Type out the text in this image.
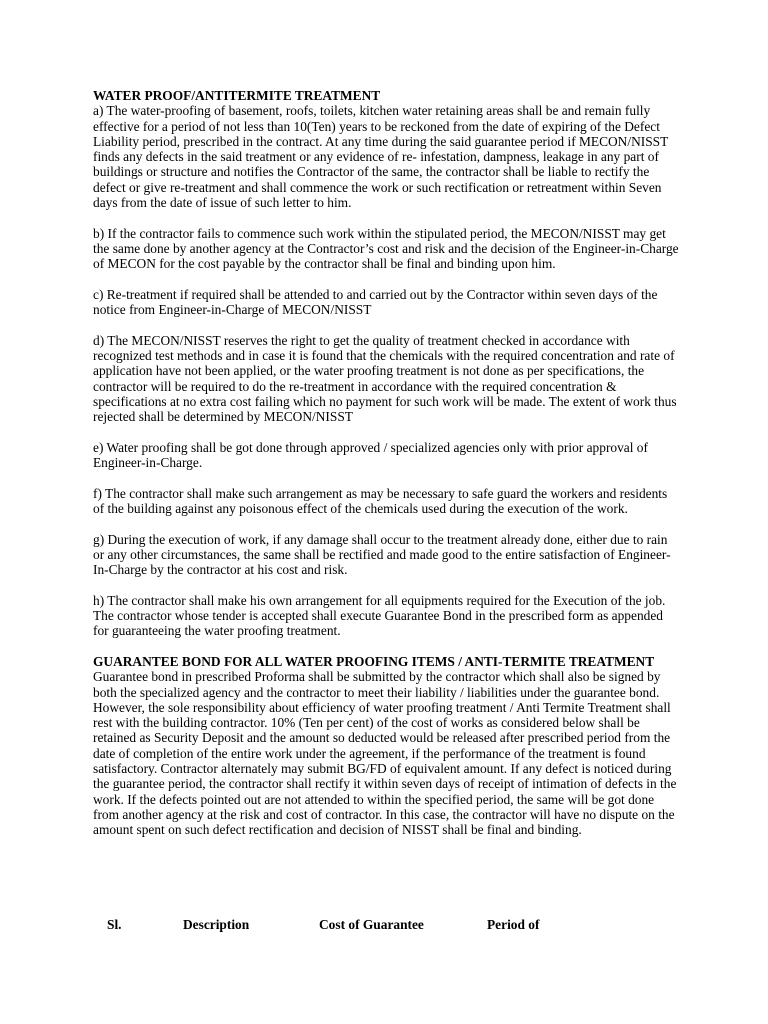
WATER PROOF/ANTITERMITE TREATMENT

a) The water-proofing of basement, roofs, toilets, kitchen water retaining areas shall be and remain fully effective for a period of not less than 10(Ten) years to be reckoned from the date of expiring of the Defect Liability period, prescribed in the contract. At any time during the said guarantee period if MECON/NISST finds any defects in the said treatment or any evidence of re- infestation, dampness, leakage in any part of buildings or structure and notifies the Contractor of the same, the contractor shall be liable to rectify the defect or give re-treatment and shall commence the work or such rectification or retreatment within Seven days from the date of issue of such letter to him.

b) If the contractor fails to commence such work within the stipulated period, the MECON/NISST may get the same done by another agency at the Contractor’s cost and risk and the decision of the Engineer-in-Charge of MECON for the cost payable by the contractor shall be final and binding upon him.

c) Re-treatment if required shall be attended to and carried out by the Contractor within seven days of the notice from Engineer-in-Charge of MECON/NISST

d) The MECON/NISST reserves the right to get the quality of treatment checked in accordance with recognized test methods and in case it is found that the chemicals with the required concentration and rate of application have not been applied, or the water proofing treatment is not done as per specifications, the contractor will be required to do the re-treatment in accordance with the required concentration & specifications at no extra cost failing which no payment for such work will be made. The extent of work thus rejected shall be determined by MECON/NISST

e) Water proofing shall be got done through approved / specialized agencies only with prior approval of Engineer-in-Charge.

f) The contractor shall make such arrangement as may be necessary to safe guard the workers and residents of the building against any poisonous effect of the chemicals used during the execution of the work.

g) During the execution of work, if any damage shall occur to the treatment already done, either due to rain or any other circumstances, the same shall be rectified and made good to the entire satisfaction of Engineer-In-Charge by the contractor at his cost and risk.

h) The contractor shall make his own arrangement for all equipments required for the Execution of the job. The contractor whose tender is accepted shall execute Guarantee Bond in the prescribed form as appended for guaranteeing the water proofing treatment.

GUARANTEE BOND FOR ALL WATER PROOFING ITEMS / ANTI-TERMITE TREATMENT

Guarantee bond in prescribed Proforma shall be submitted by the contractor which shall also be signed by both the specialized agency and the contractor to meet their liability / liabilities under the guarantee bond. However, the sole responsibility about efficiency of water proofing treatment / Anti Termite Treatment shall rest with the building contractor. 10% (Ten per cent) of the cost of works as considered below shall be retained as Security Deposit and the amount so deducted would be released after prescribed period from the date of completion of the entire work under the agreement, if the performance of the treatment is found satisfactory. Contractor alternately may submit BG/FD of equivalent amount. If any defect is noticed during the guarantee period, the contractor shall rectify it within seven days of receipt of intimation of defects in the work. If the defects pointed out are not attended to within the specified period, the same will be got done from another agency at the risk and cost of contractor. In this case, the contractor will have no dispute on the amount spent on such defect rectification and decision of NISST shall be final and binding.

Sl.	Description	Cost of Guarantee	Period of
